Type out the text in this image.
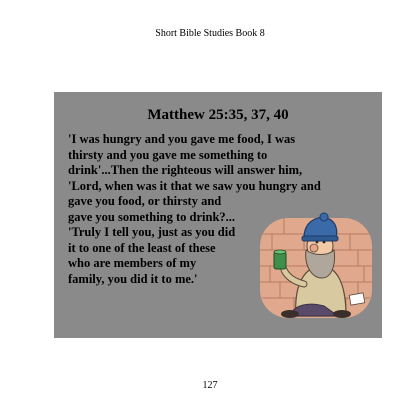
Short Bible Studies Book 8
Matthew 25:35, 37, 40

'I was hungry and you gave me food, I was
thirsty and you gave me something to
drink'...Then the righteous will answer him,
'Lord, when was it that we saw you hungry and
gave you food, or thirsty and
gave you something to drink?...
'Truly I tell you, just as you did
it to one of the least of these
who are members of my
family, you did it to me.'

127
